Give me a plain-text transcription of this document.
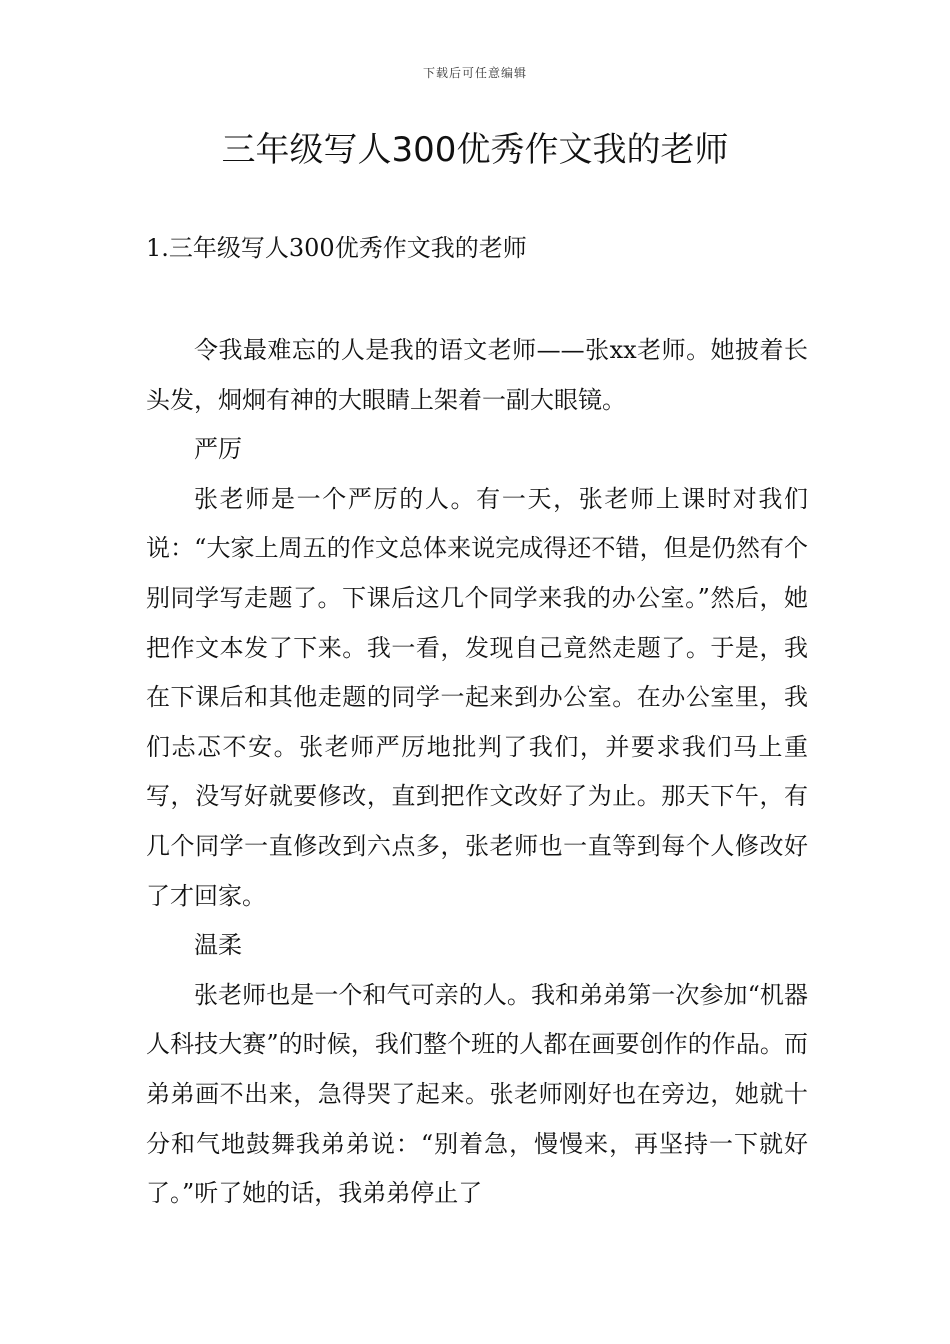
下载后可任意编辑
三年级写人300优秀作文我的老师
1.三年级写人300优秀作文我的老师

令我最难忘的人是我的语文老师——张xx老师。她披着长头发，炯炯有神的大眼睛上架着一副大眼镜。

严厉

张老师是一个严厉的人。有一天，张老师上课时对我们说：“大家上周五的作文总体来说完成得还不错，但是仍然有个别同学写走题了。下课后这几个同学来我的办公室。”然后，她把作文本发了下来。我一看，发现自己竟然走题了。于是，我在下课后和其他走题的同学一起来到办公室。在办公室里，我们忐忑不安。张老师严厉地批判了我们，并要求我们马上重写，没写好就要修改，直到把作文改好了为止。那天下午，有几个同学一直修改到六点多，张老师也一直等到每个人修改好了才回家。

温柔

张老师也是一个和气可亲的人。我和弟弟第一次参加“机器人科技大赛”的时候，我们整个班的人都在画要创作的作品。而弟弟画不出来，急得哭了起来。张老师刚好也在旁边，她就十分和气地鼓舞我弟弟说：“别着急，慢慢来，再坚持一下就好了。”听了她的话，我弟弟停止了
